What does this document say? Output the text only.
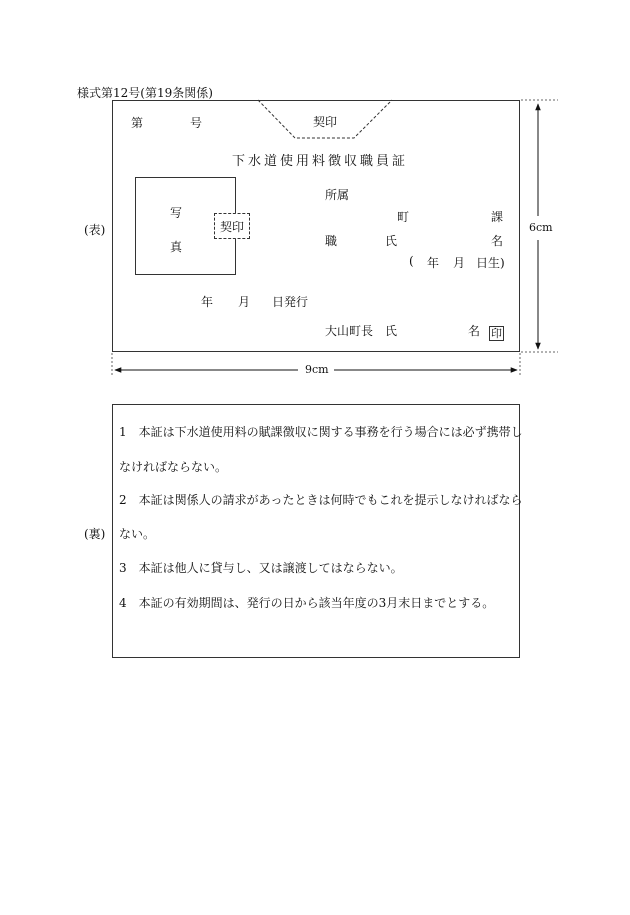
様式第12号(第19条関係)
(表)
(裏)
第	号	契印
下水道使用料徴収職員証
写
真
契印
所属
町	課
職	氏	名
( 年 月 日生)
年 月 日発行
大山町長 氏	名 印
6cm
9cm
1　本証は下水道使用料の賦課徴収に関する事務を行う場合には必ず携帯し
なければならない。
2　本証は関係人の請求があったときは何時でもこれを提示しなければなら
ない。
3　本証は他人に貸与し、又は譲渡してはならない。
4　本証の有効期間は、発行の日から該当年度の3月末日までとする。
